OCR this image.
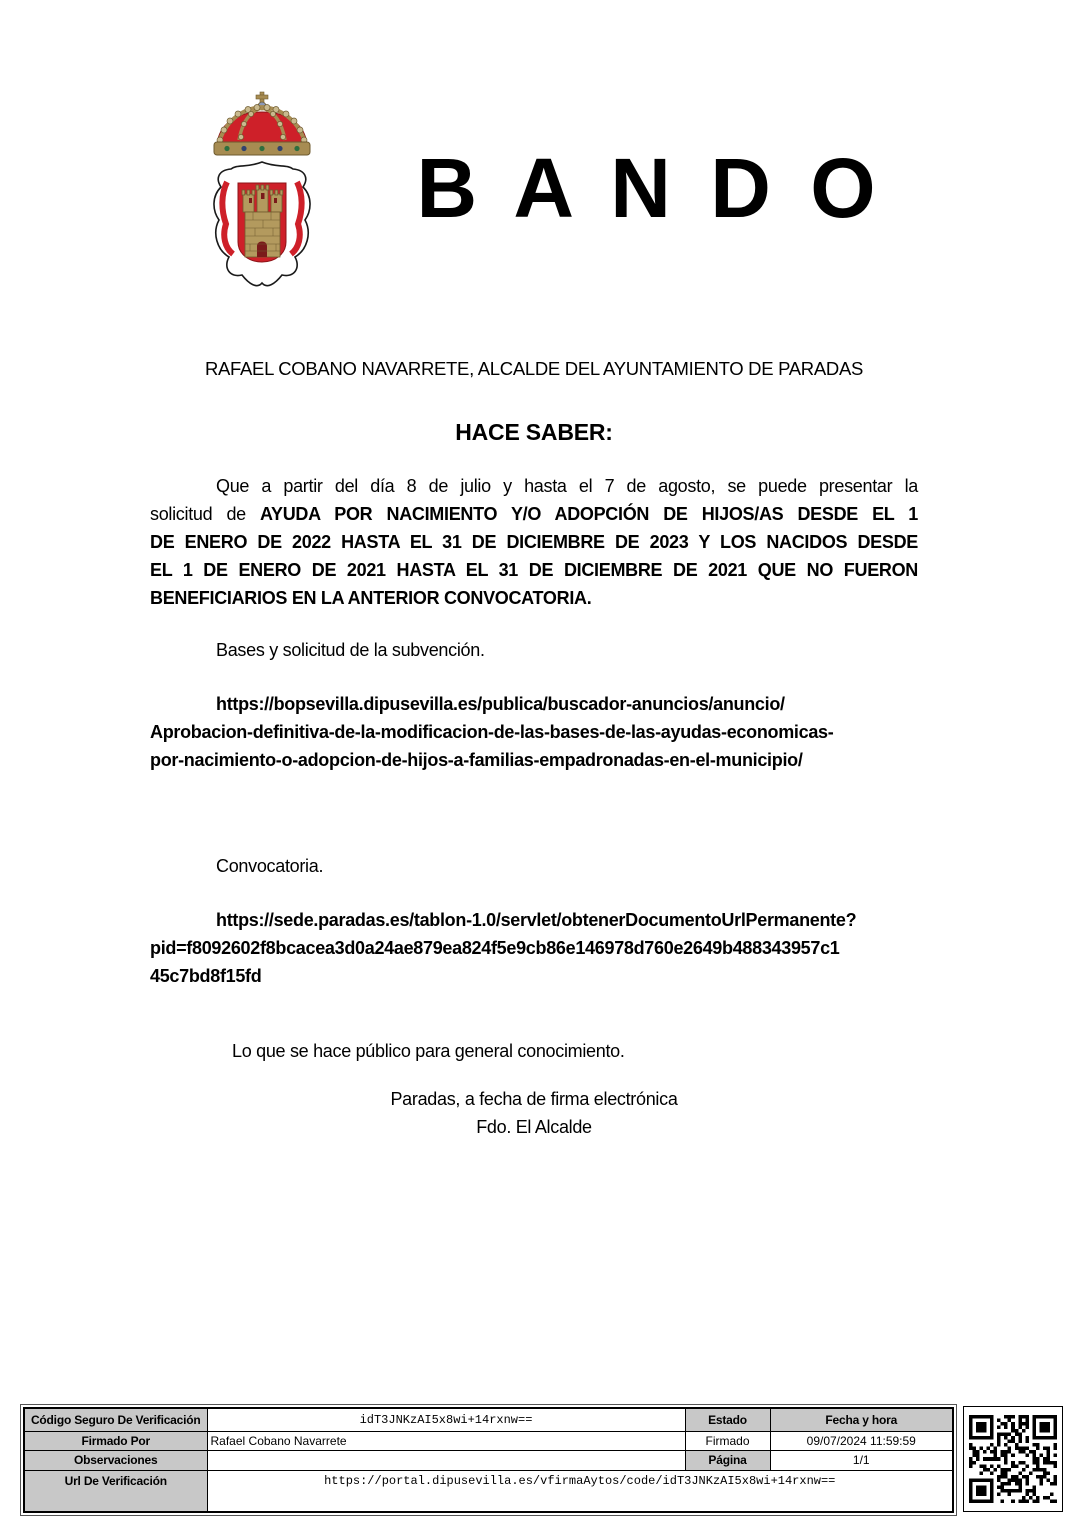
B A N D O
RAFAEL COBANO NAVARRETE, ALCALDE DEL AYUNTAMIENTO DE PARADAS
HACE SABER:
Que a partir del día 8 de julio y hasta el 7 de agosto, se puede presentar la
solicitud de AYUDA POR NACIMIENTO Y/O ADOPCIÓN DE HIJOS/AS DESDE EL 1
DE ENERO DE 2022 HASTA EL 31 DE DICIEMBRE DE 2023 Y LOS NACIDOS DESDE
EL 1 DE ENERO DE 2021 HASTA EL 31 DE DICIEMBRE DE 2021 QUE NO FUERON
BENEFICIARIOS EN LA ANTERIOR CONVOCATORIA.
Bases y solicitud de la subvención.
https://bopsevilla.dipusevilla.es/publica/buscador-anuncios/anuncio/
Aprobacion-definitiva-de-la-modificacion-de-las-bases-de-las-ayudas-economicas-
por-nacimiento-o-adopcion-de-hijos-a-familias-empadronadas-en-el-municipio/
Convocatoria.
https://sede.paradas.es/tablon-1.0/servlet/obtenerDocumentoUrlPermanente?
pid=f8092602f8bcacea3d0a24ae879ea824f5e9cb86e146978d760e2649b488343957c1
45c7bd8f15fd
Lo que se hace público para general conocimiento.
Paradas, a fecha de firma electrónica
Fdo. El Alcalde
Código Seguro De Verificación	idT3JNKzAI5x8wi+14rxnw==	Estado	Fecha y hora
Firmado Por	Rafael Cobano Navarrete	Firmado	09/07/2024 11:59:59
Observaciones		Página	1/1
Url De Verificación	https://portal.dipusevilla.es/vfirmaAytos/code/idT3JNKzAI5x8wi+14rxnw==		
